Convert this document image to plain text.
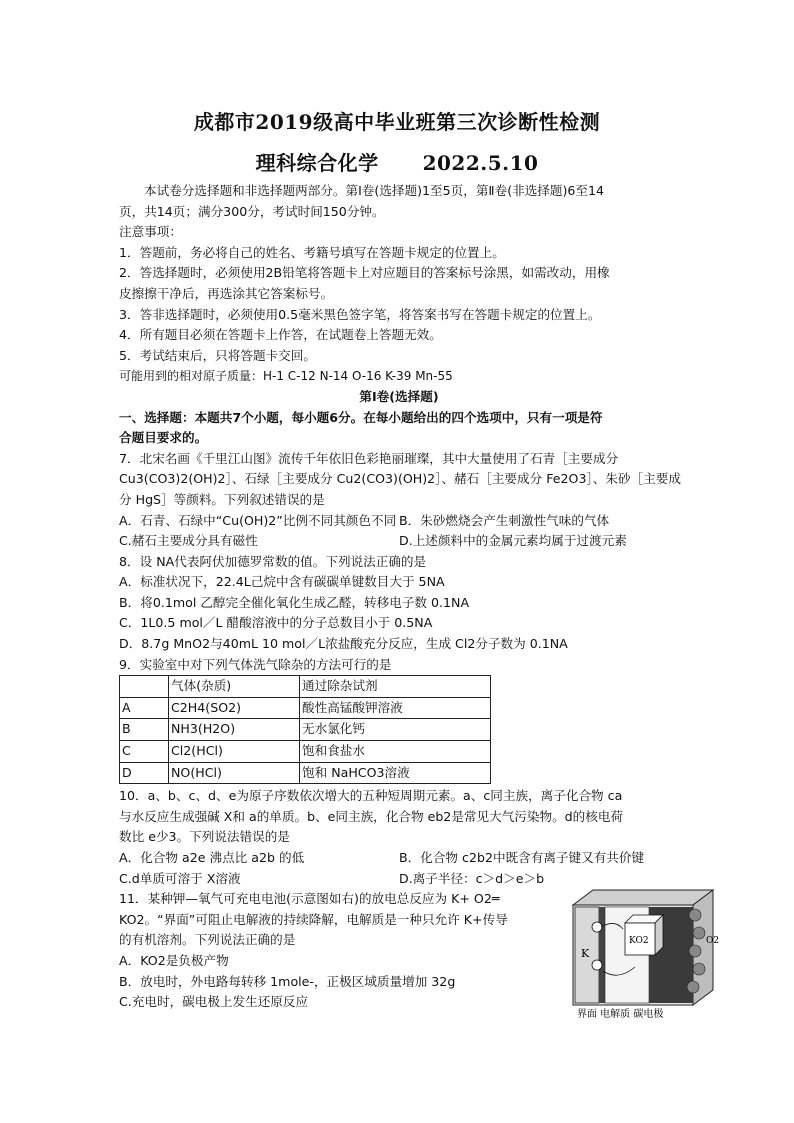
成都市2019级高中毕业班第三次诊断性检测
理科综合化学 2022.5.10

本试卷分选择题和非选择题两部分。第Ⅰ卷(选择题)1至5页，第Ⅱ卷(非选择题)6至14

页，共14页；满分300分，考试时间150分钟。

注意事项：

1．答题前，务必将自己的姓名、考籍号填写在答题卡规定的位置上。

2．答选择题时，必须使用2B铅笔将答题卡上对应题目的答案标号涂黑，如需改动，用橡

皮擦擦干净后，再选涂其它答案标号。

3．答非选择题时，必须使用0.5毫米黑色签字笔，将答案书写在答题卡规定的位置上。

4．所有题目必须在答题卡上作答，在试题卷上答题无效。

5．考试结束后，只将答题卡交回。

可能用到的相对原子质量：H-1 C-12 N-14 O-16 K-39 Mn-55

第Ⅰ卷(选择题)

一、选择题：本题共7个小题，每小题6分。在每小题给出的四个选项中，只有一项是符

合题目要求的。

7．北宋名画《千里江山图》流传千年依旧色彩艳丽璀璨，其中大量使用了石青［主要成分

Cu3(CO3)2(OH)2］、石绿［主要成分 Cu2(CO3)(OH)2］、赭石［主要成分 Fe2O3］、朱砂［主要成

分 HgS］等颜料。下列叙述错误的是

A．石青、石绿中“Cu(OH)2”比例不同其颜色不同 B．朱砂燃烧会产生刺激性气味的气体
C.赭石主要成分具有磁性	D.上述颜料中的金属元素均属于过渡元素

8．设 NA代表阿伏加德罗常数的值。下列说法正确的是

A．标准状况下，22.4L己烷中含有碳碳单键数目大于 5NA

B．将0.1mol 乙醇完全催化氧化生成乙醛，转移电子数 0.1NA

C．1L0.5 mol／L 醋酸溶液中的分子总数目小于 0.5NA

D．8.7g MnO2与40mL 10 mol／L浓盐酸充分反应，生成 Cl2分子数为 0.1NA

9．实验室中对下列气体洗气除杂的方法可行的是

	气体(杂质)	通过除杂试剂
A	C2H4(SO2)	酸性高锰酸钾溶液
B	NH3(H2O)	无水氯化钙
C	Cl2(HCl)	饱和食盐水
D	NO(HCl)	饱和 NaHCO3溶液

10．a、b、c、d、e为原子序数依次增大的五种短周期元素。a、c同主族，离子化合物 ca

与水反应生成强碱 X和 a的单质。b、e同主族，化合物 eb2是常见大气污染物。d的核电荷

数比 e少3。下列说法错误的是

A．化合物 a2e 沸点比 a2b 的低	B．化合物 c2b2中既含有离子键又有共价键
C.d单质可溶于 X溶液	D.离子半径：c＞d＞e＞b

11．某种钾—氧气可充电电池(示意图如右)的放电总反应为 K+ O2═

KO2。“界面”可阻止电解液的持续降解，电解质是一种只允许 K+传导

的有机溶剂。下列说法正确的是

A．KO2是负极产物

B．放电时，外电路每转移 1mole-，正极区域质量增加 32g

C.充电时，碳电极上发生还原反应

K
KO2	O2
界面 电解质 碳电极
